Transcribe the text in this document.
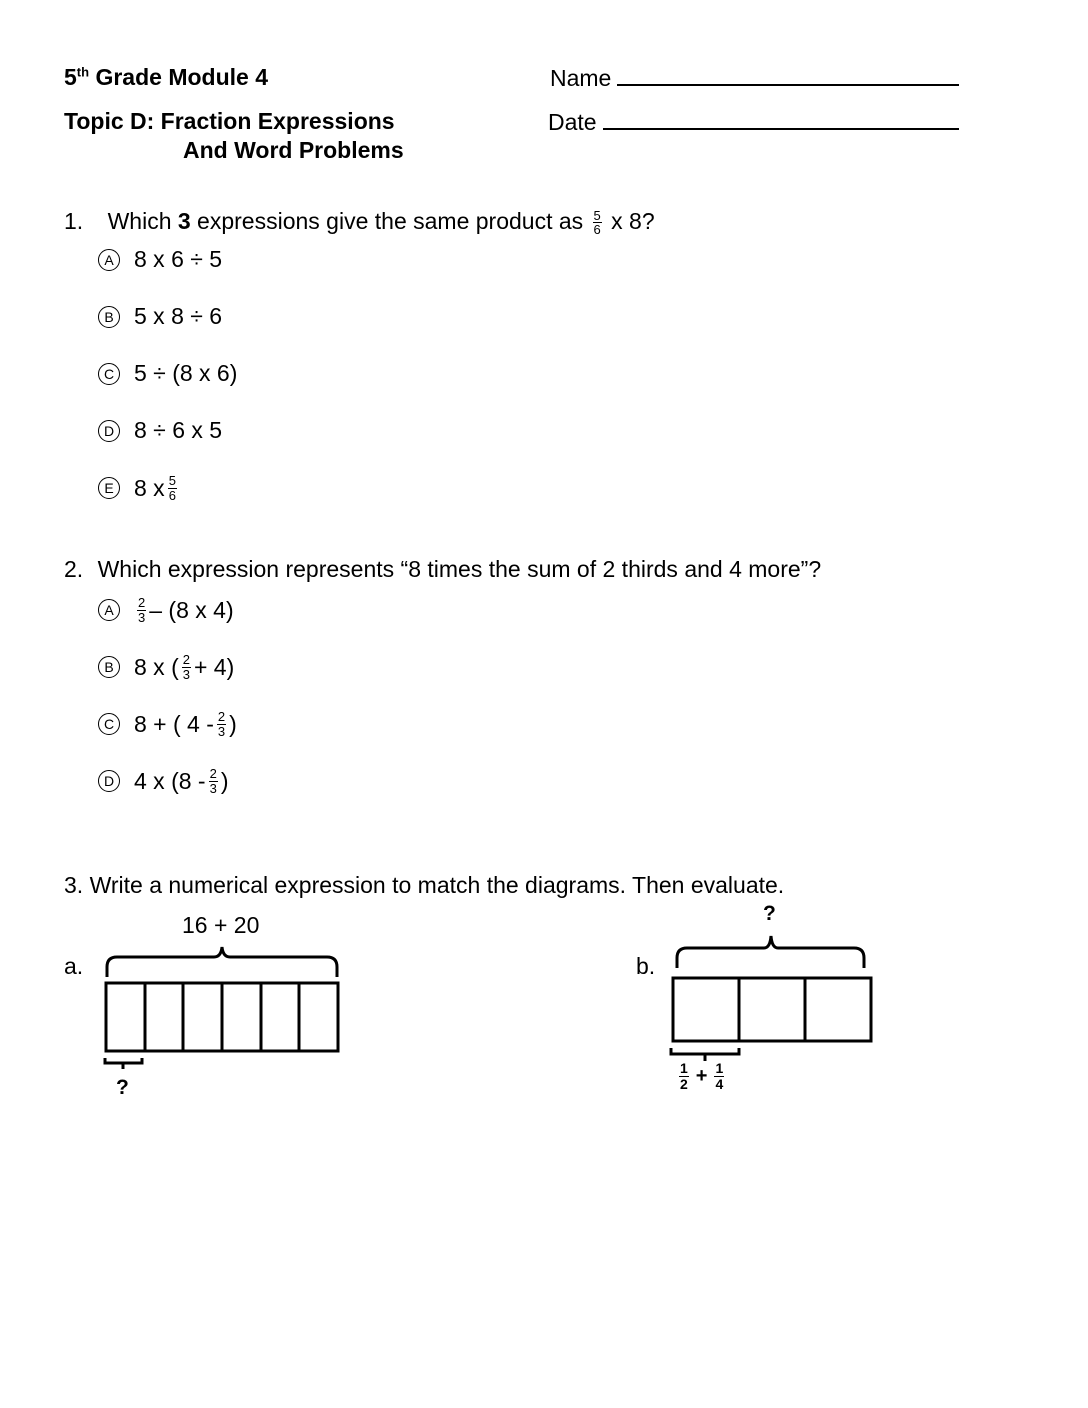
5th Grade Module 4
Topic D: Fraction Expressions
And Word Problems
Name
Date
1. Which 3 expressions give the same product as $\frac{5}{6}$ x 8?
A 8 x 6 ÷ 5
B 5 x 8 ÷ 6
C 5 ÷ (8 x 6)
D 8 ÷ 6 x 5
E 8 x $\frac{5}{6}$
2. Which expression represents “8 times the sum of 2 thirds and 4 more”?
A	$\frac{2}{3} - (8$ x 4)
B 8 x ( $\frac{2}{3} + 4$)
C 8 + ( $4 - \frac{2}{3}$ )
D 4 x ($8 - \frac{2}{3}$ )
3. Write a numerical expression to match the diagrams. Then evaluate.
a.
16 + 20
?
b.
?
$\frac{1}{2} + \frac{1}{4}$
